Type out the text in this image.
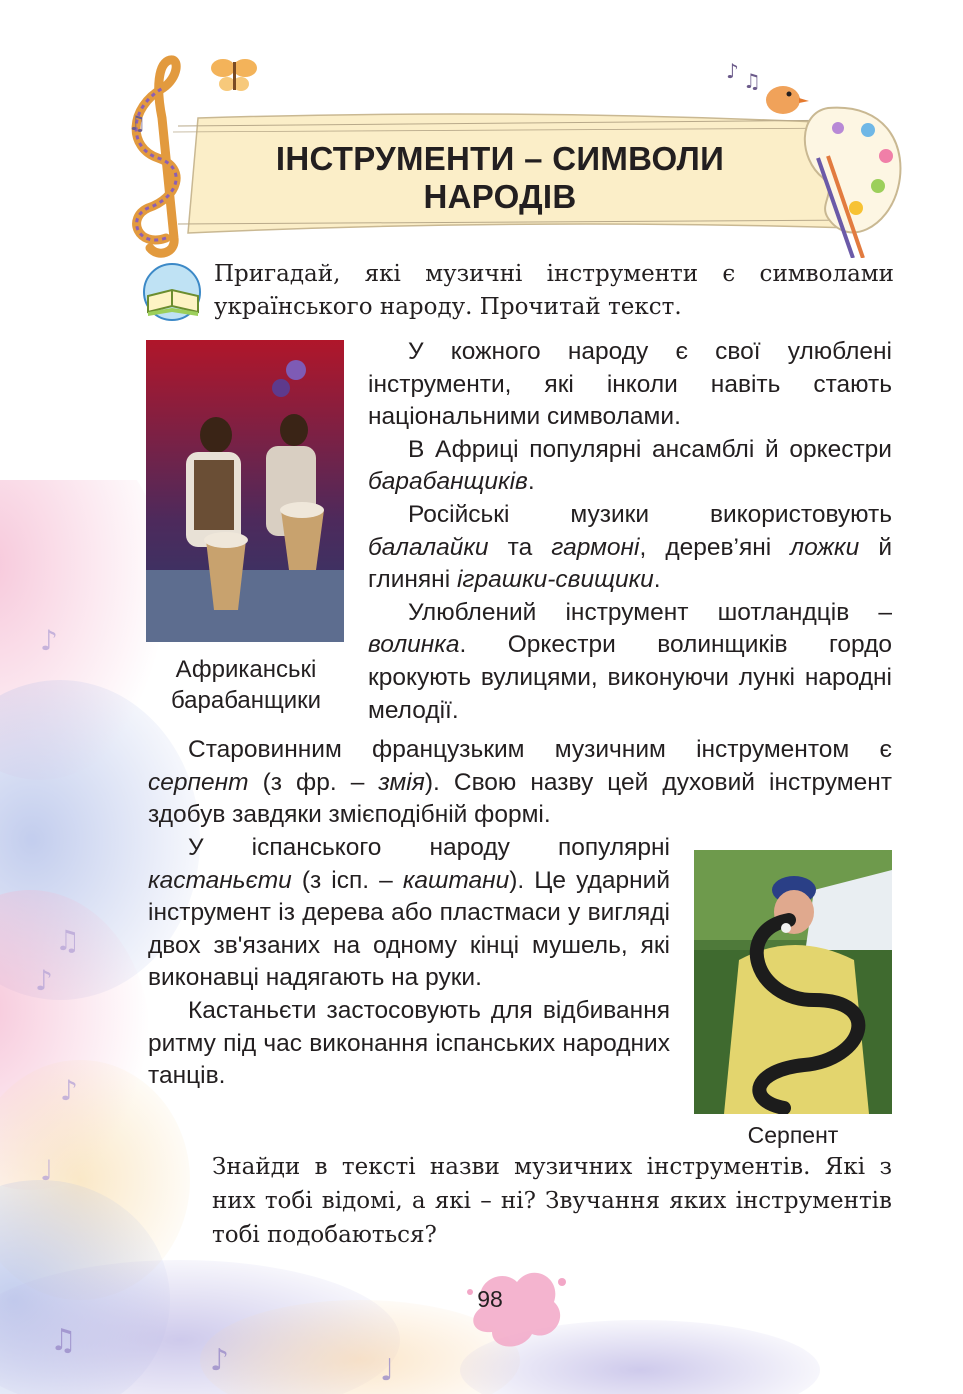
♪
♫
♪
♪
♩
♫
♪	♩
♫
♪ ♫
ІНСТРУМЕНТИ – СИМВОЛИ
НАРОДІВ
Пригадай, які музичні інструменти є символами українського народу. Прочитай текст.
Африканські
барабанщики

У кожного народу є свої улюблені інструменти, які інколи навіть стають національними символами.

В Африці популярні ансамблі й оркестри барабанщиків.

Російські музики використовують балалайки та гармоні, дерев’яні ложки й глиняні іграшки-свищики.

Улюблений інструмент шотландців – волинка. Оркестри волинщиків гордо крокують вулицями, виконуючи лункі народні мелодії.

Старовинним французьким музичним інструментом є серпент (з фр. – змія). Свою назву цей духовий інструмент здобув завдяки змієподібній формі.

У іспанського народу популярні кастаньєти (з ісп. – каштани). Це ударний інструмент із дерева або пластмаси у вигляді двох зв'язаних на одному кінці мушель, які виконавці надягають на руки.

Кастаньєти застосовують для відбивання ритму під час виконання іспанських народних танців.

Серпент
Знайди в тексті назви музичних інструментів. Які з них тобі відомі, а які – ні? Звучання яких інструментів тобі подобаються?
98
